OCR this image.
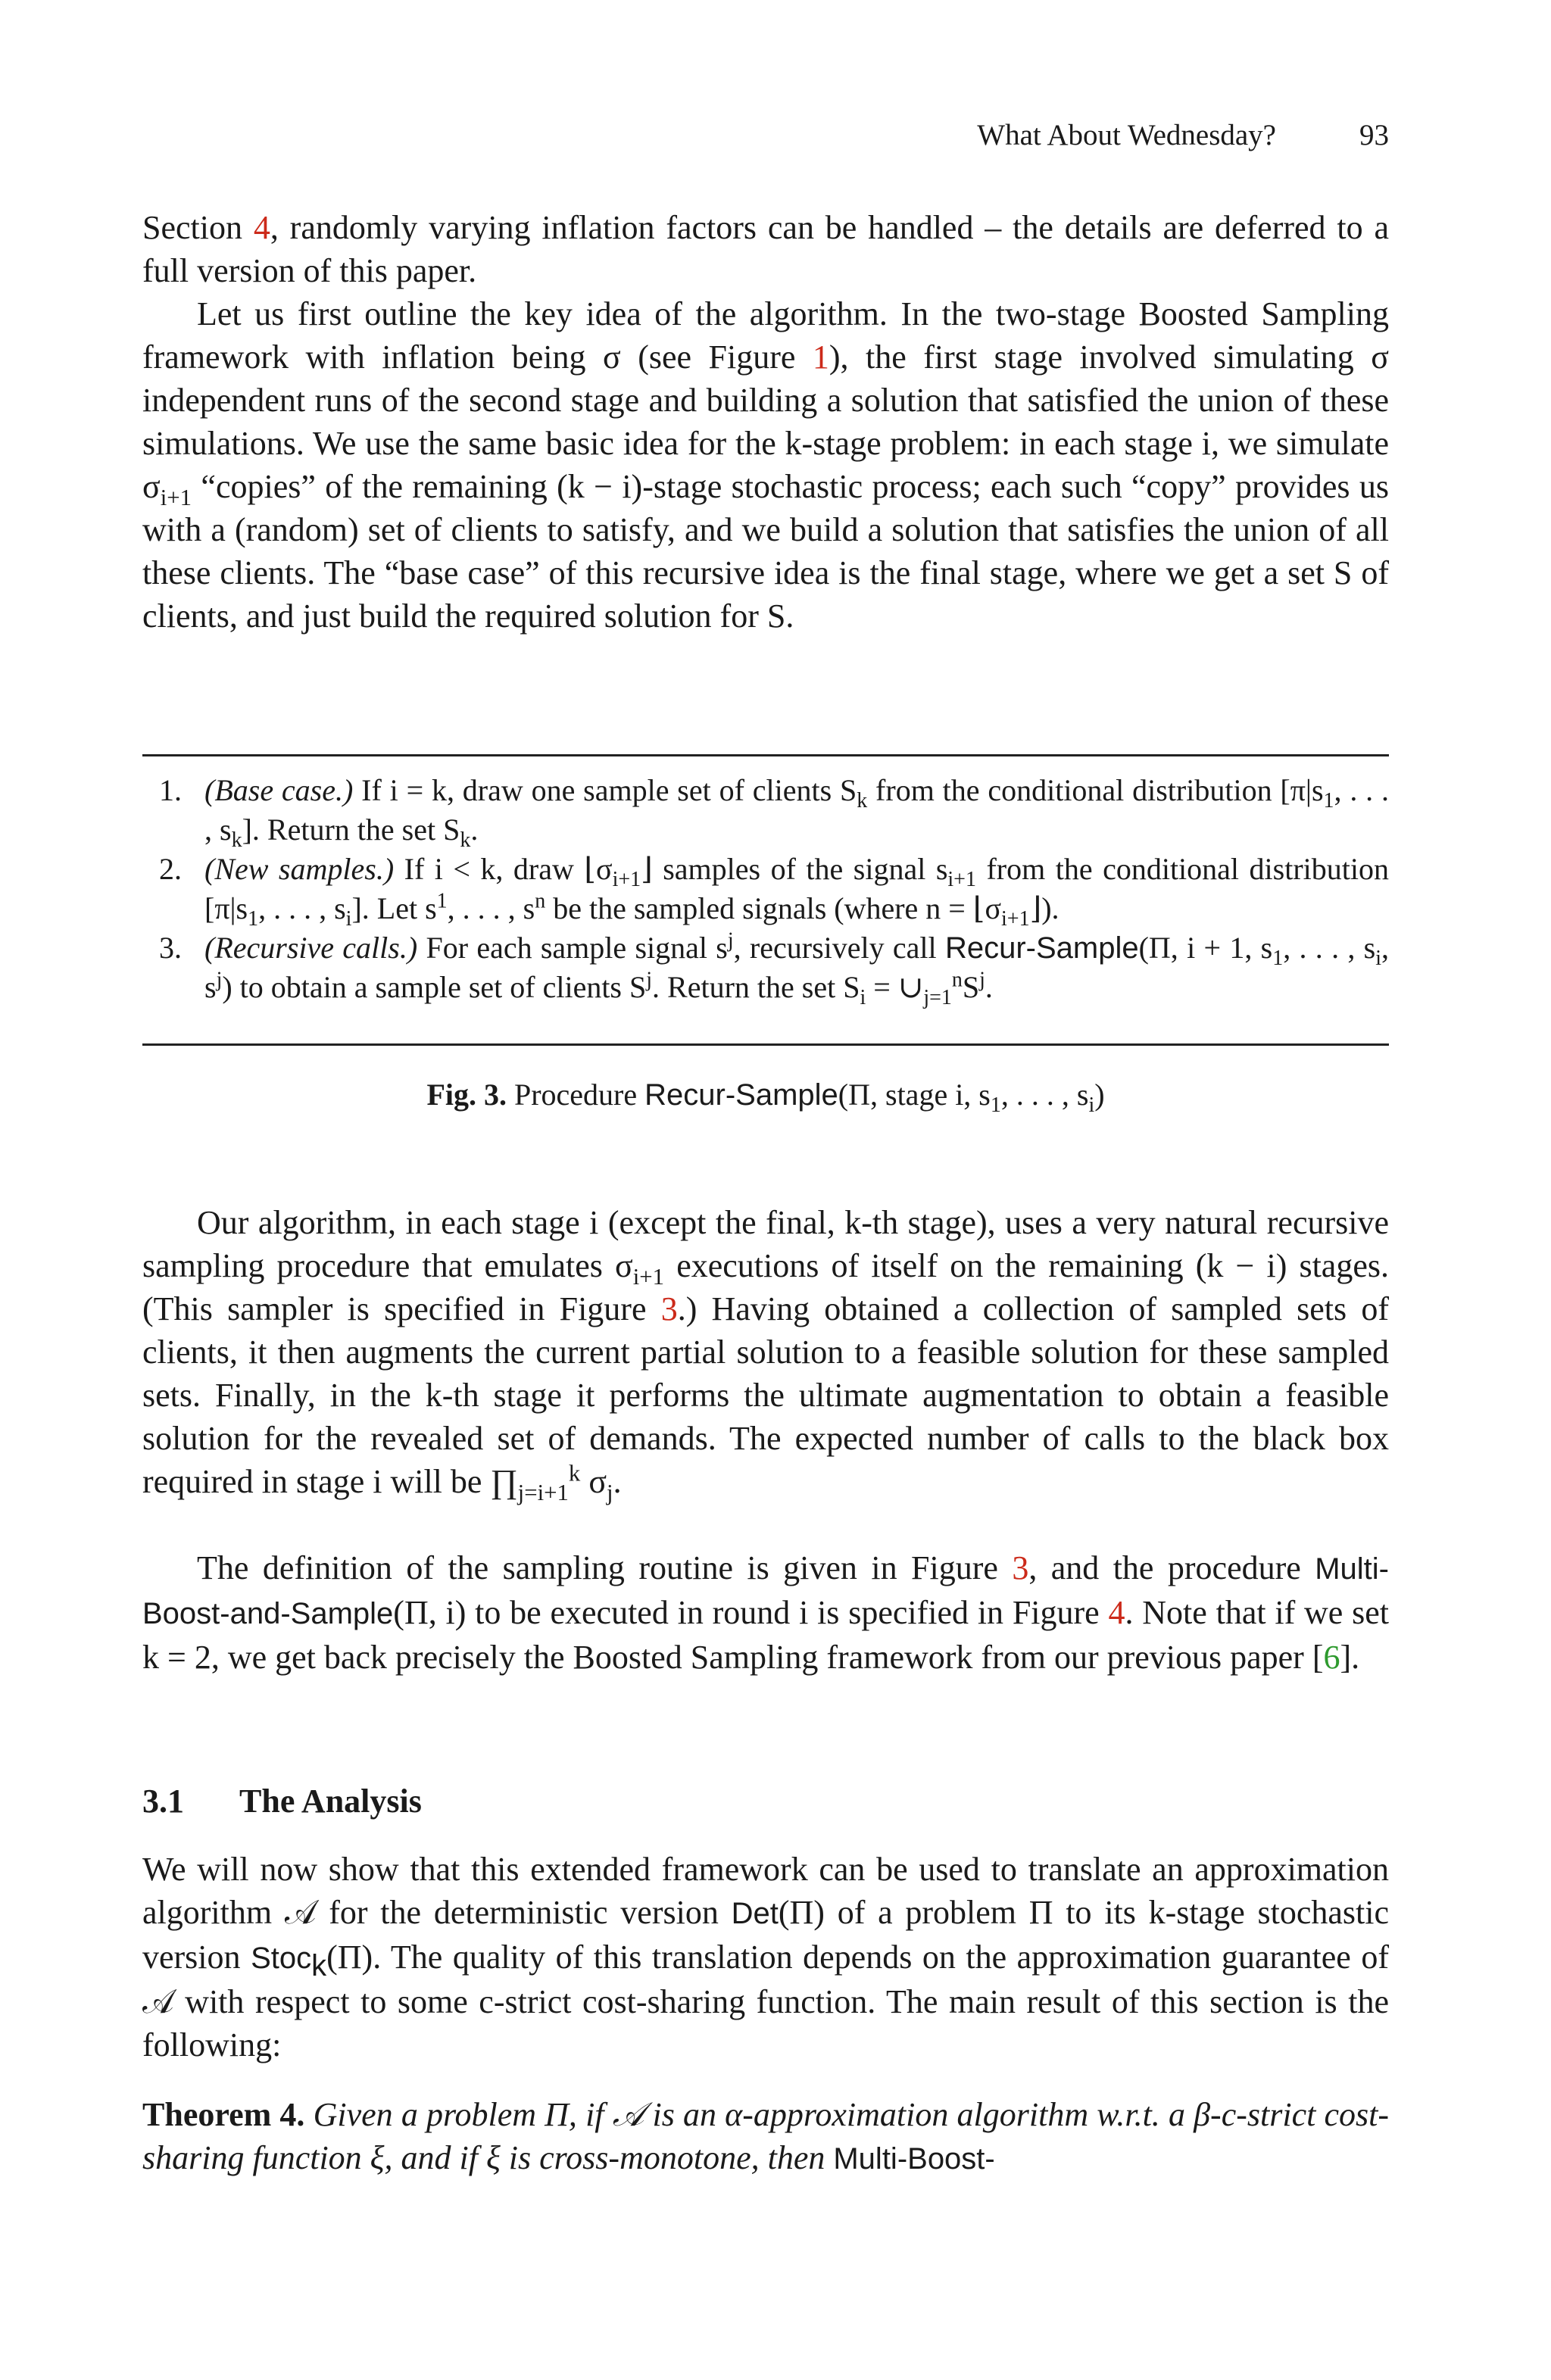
What About Wednesday?	93

Section 4, randomly varying inflation factors can be handled – the details are deferred to a full version of this paper.

Let us first outline the key idea of the algorithm. In the two-stage Boosted Sampling framework with inflation being σ (see Figure 1), the first stage involved simulating σ independent runs of the second stage and building a solution that satisfied the union of these simulations. We use the same basic idea for the k-stage problem: in each stage i, we simulate $\sigma_{i+1}$ “copies” of the remaining (k − i)-stage stochastic process; each such “copy” provides us with a (random) set of clients to satisfy, and we build a solution that satisfies the union of all these clients. The “base case” of this recursive idea is the final stage, where we get a set S of clients, and just build the required solution for S.

1. (Base case.) If i = k, draw one sample set of clients $S_k$ from the conditional distribution [$\pi|s_1$, . . . , $s_k$]. Return the set $S_k$.
2. (New samples.) If i < k, draw $⌊\sigma_{i+1}⌋$ samples of the signal $s_{i+1}$ from the conditional distribution [$\pi|s_1$, . . . , $s_i$]. Let $s^1$, . . . , $s^n$ be the sampled signals (where $n = ⌊\sigma_{i+1}⌋$).
3. (Recursive calls.) For each sample signal $s^j$, recursively call Recur-Sample(Π, i + 1, $s_1$, . . . , $s_i$, $s^j$) to obtain a sample set of clients $S^j$. Return the set $S_i$ = $\cup_{j=1}^nS^j$.
Fig. 3. Procedure Recur-Sample(Π, stage i, $s_1$, . . . , $s_i$)

Our algorithm, in each stage i (except the final, k-th stage), uses a very natural recursive sampling procedure that emulates $\sigma_{i+1}$ executions of itself on the remaining (k − i) stages. (This sampler is specified in Figure 3.) Having obtained a collection of sampled sets of clients, it then augments the current partial solution to a feasible solution for these sampled sets. Finally, in the k-th stage it performs the ultimate augmentation to obtain a feasible solution for the revealed set of demands. The expected number of calls to the black box required in stage i will be $\prod_{j=i+1}^k$ $\sigma_j$.

The definition of the sampling routine is given in Figure 3, and the procedure Multi-Boost-and-Sample(Π, i) to be executed in round i is specified in Figure 4. Note that if we set k = 2, we get back precisely the Boosted Sampling framework from our previous paper [6].

3.1 The Analysis

We will now show that this extended framework can be used to translate an approximation algorithm 𝒜 for the deterministic version Det(Π) of a problem Π to its k-stage stochastic version Stoc$_k$(Π). The quality of this translation depends on the approximation guarantee of 𝒜 with respect to some c-strict cost-sharing function. The main result of this section is the following:

Theorem 4. Given a problem Π, if 𝒜 is an α-approximation algorithm w.r.t. a β-c-strict cost-sharing function ξ, and if ξ is cross-monotone, then Multi-Boost-
